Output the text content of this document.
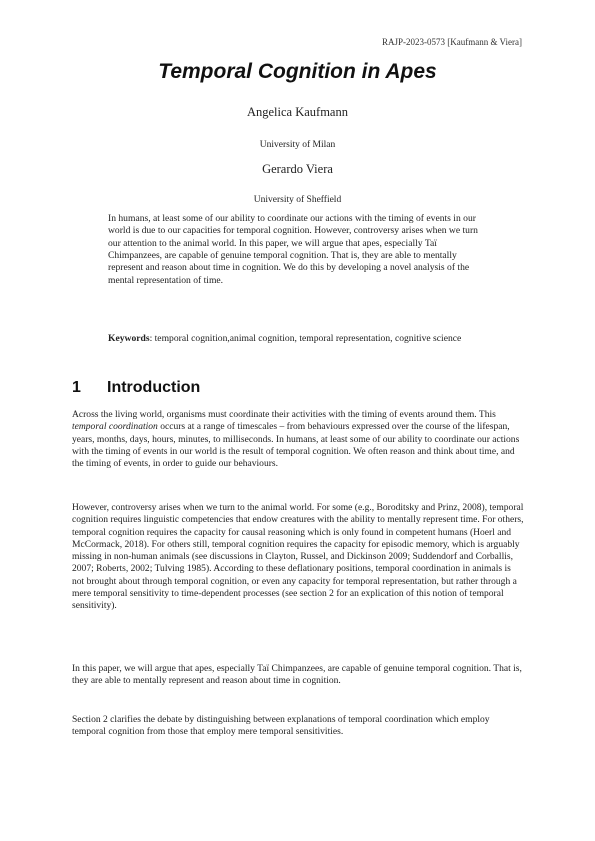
RAJP-2023-0573 [Kaufmann & Viera]
Temporal Cognition in Apes
Angelica Kaufmann
University of Milan
Gerardo Viera
University of Sheffield
In humans, at least some of our ability to coordinate our actions with the timing of events in our world is due to our capacities for temporal cognition. However, controversy arises when we turn our attention to the animal world. In this paper, we will argue that apes, especially Taï Chimpanzees, are capable of genuine temporal cognition. That is, they are able to mentally represent and reason about time in cognition. We do this by developing a novel analysis of the mental representation of time.
Keywords: temporal cognition,animal cognition, temporal representation, cognitive science
1 Introduction

Across the living world, organisms must coordinate their activities with the timing of events around them. This temporal coordination occurs at a range of timescales – from behaviours expressed over the course of the lifespan, years, months, days, hours, minutes, to milliseconds. In humans, at least some of our ability to coordinate our actions with the timing of events in our world is the result of temporal cognition. We often reason and think about time, and the timing of events, in order to guide our behaviours.

However, controversy arises when we turn to the animal world. For some (e.g., Boroditsky and Prinz, 2008), temporal cognition requires linguistic competencies that endow creatures with the ability to mentally represent time. For others, temporal cognition requires the capacity for causal reasoning which is only found in competent humans (Hoerl and McCormack, 2018). For others still, temporal cognition requires the capacity for episodic memory, which is arguably missing in non-human animals (see discussions in Clayton, Russel, and Dickinson 2009; Suddendorf and Corballis, 2007; Roberts, 2002; Tulving 1985). According to these deflationary positions, temporal coordination in animals is not brought about through temporal cognition, or even any capacity for temporal representation, but rather through a mere temporal sensitivity to time-dependent processes (see section 2 for an explication of this notion of temporal sensitivity).

In this paper, we will argue that apes, especially Taï Chimpanzees, are capable of genuine temporal cognition. That is, they are able to mentally represent and reason about time in cognition.

Section 2 clarifies the debate by distinguishing between explanations of temporal coordination which employ temporal cognition from those that employ mere temporal sensitivities.
